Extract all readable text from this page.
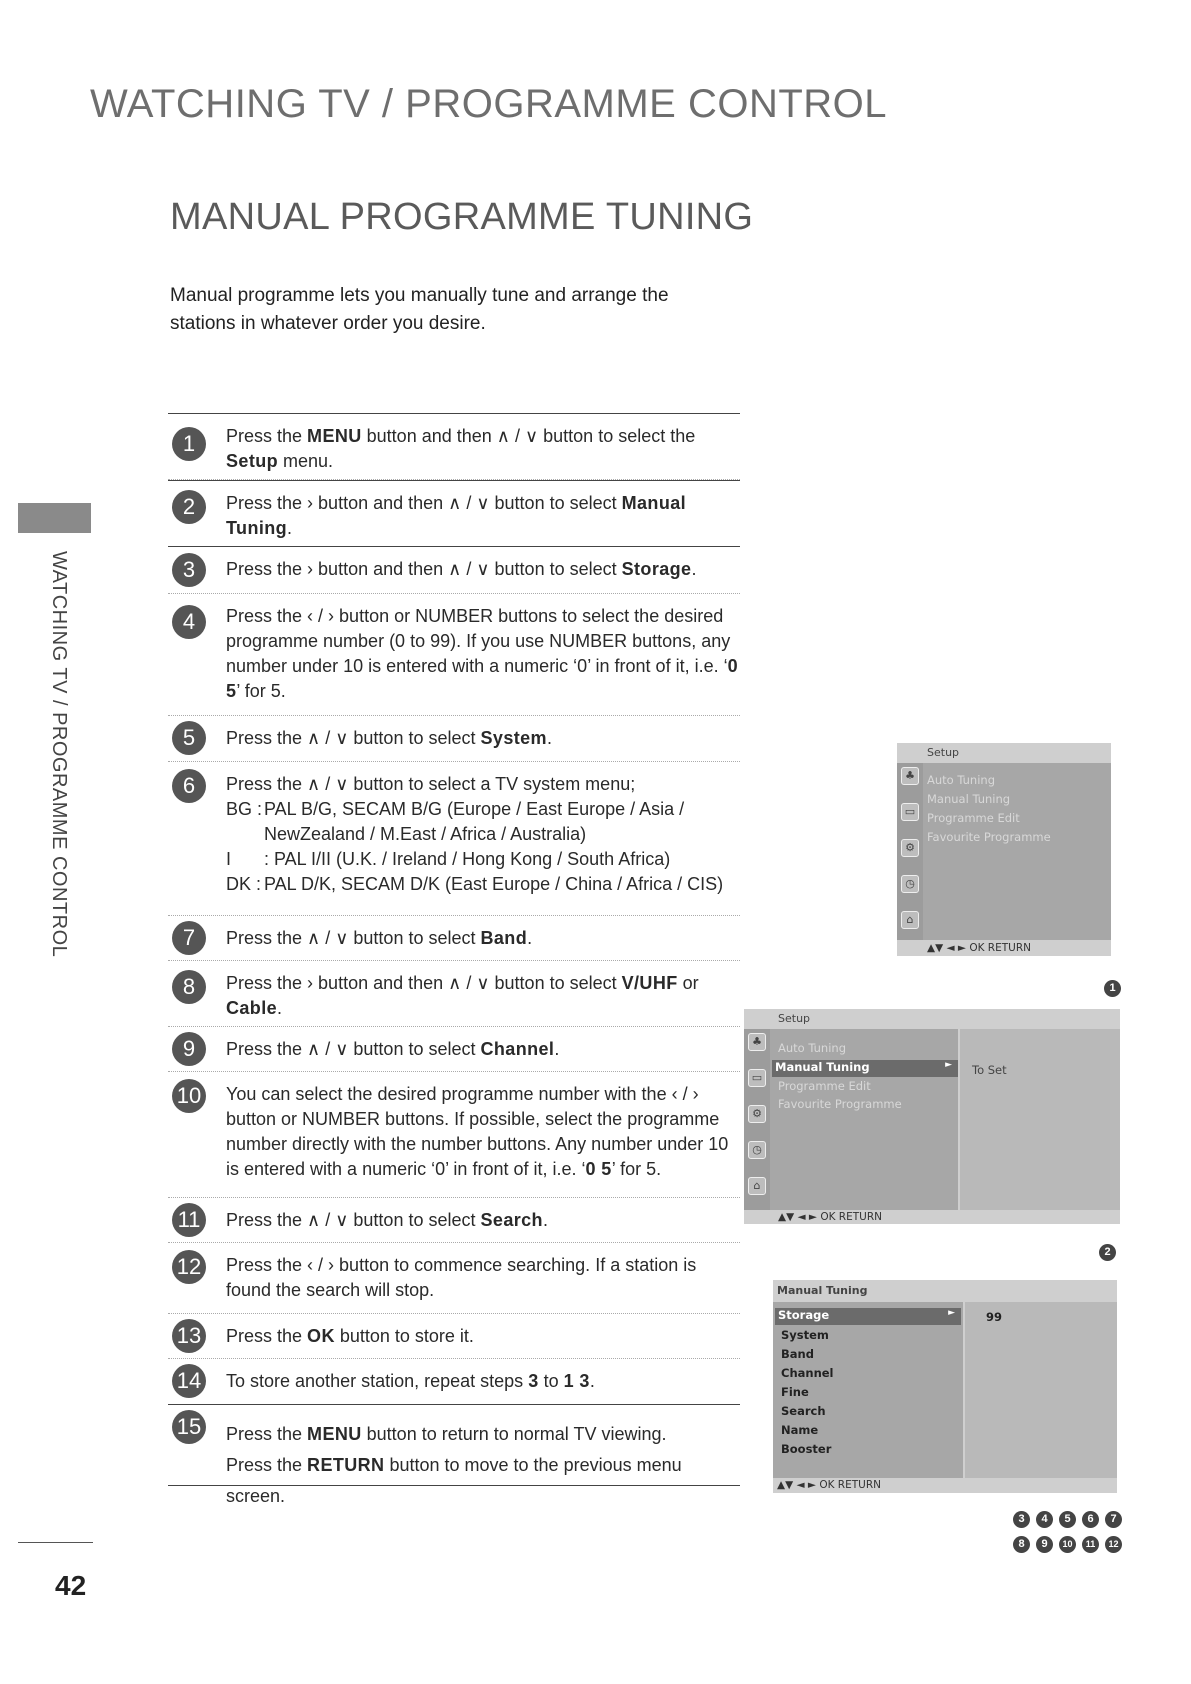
WATCHING TV / PROGRAMME CONTROL
MANUAL PROGRAMME TUNING
Manual programme lets you manually tune and arrange the stations in whatever order you desire.
WATCHING TV / PROGRAMME CONTROL
42
1	Press the MENU button and then ∧ / ∨ button to select the Setup menu.
2	Press the › button and then ∧ / ∨ button to select Manual Tuning.
3	Press the › button and then ∧ / ∨ button to select Storage.
4	Press the ‹ / › button or NUMBER buttons to select the desired programme number (0 to 99). If you use NUMBER buttons, any number under 10 is entered with a numeric ‘0’ in front of it, i.e. ‘0 5’ for 5.
5	Press the ∧ / ∨ button to select System.
6	Press the ∧ / ∨ button to select a TV system menu;
BG : PAL B/G, SECAM B/G (Europe / East Europe / Asia /
NewZealand / M.East / Africa / Australia)
I : PAL I/II (U.K. / Ireland / Hong Kong / South Africa)
DK : PAL D/K, SECAM D/K (East Europe / China / Africa / CIS)
7	Press the ∧ / ∨ button to select Band.
8	Press the › button and then ∧ / ∨ button to select V/UHF or Cable.
9	Press the ∧ / ∨ button to select Channel.
10 You can select the desired programme number with the ‹ / › button or NUMBER buttons. If possible, select the programme number directly with the number buttons. Any number under 10 is entered with a numeric ‘0’ in front of it, i.e. ‘0 5’ for 5.
11	Press the ∧ / ∨ button to select Search.
12 Press the ‹ / › button to commence searching. If a station is found the search will stop.
13 Press the OK button to store it.
14 To store another station, repeat steps 3 to 1 3.
15 Press the MENU button to return to normal TV viewing.
Press the RETURN button to move to the previous menu screen.
Setup
♣
▭
⚙
◷
⌂
Auto Tuning
Manual Tuning
Programme Edit
Favourite Programme
▲▼ ◄ ► OK RETURN
1
Setup
♣
▭
⚙
◷
⌂
Auto Tuning
Manual Tuning	►
Programme Edit
Favourite Programme
To Set
▲▼ ◄ ► OK RETURN
2
Manual Tuning
Storage	►
System
Band
Channel
Fine
Search
Name
Booster
99
▲▼ ◄ ► OK RETURN
3	4	5	6	7
8	9	10	11	12
